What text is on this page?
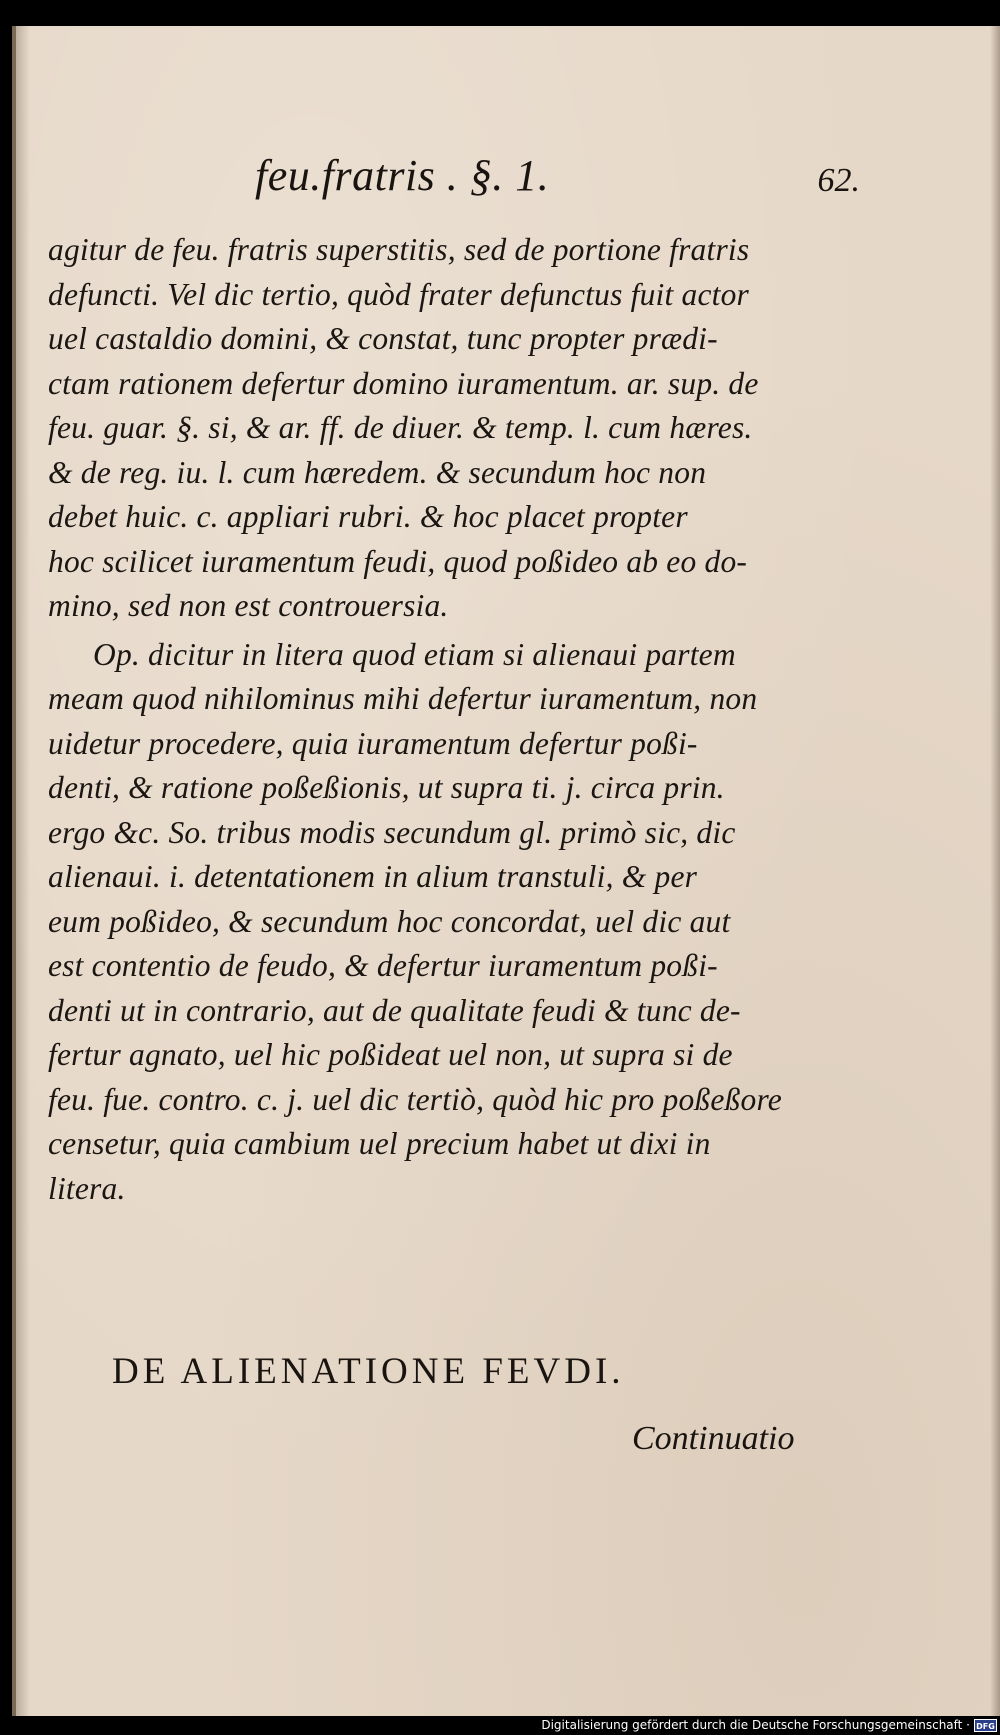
feu.fratris . §. 1.	62.
agitur de feu. fratris superstitis, sed de portione fratris
defuncti. Vel dic tertio, quòd frater defunctus fuit actor
uel castaldio domini, & constat, tunc propter prædi-
ctam rationem defertur domino iuramentum. ar. sup. de
feu. guar. §. si, & ar. ff. de diuer. & temp. l. cum hæres.
& de reg. iu. l. cum hæredem. & secundum hoc non
debet huic. c. appliari rubri. & hoc placet propter
hoc scilicet iuramentum feudi, quod poßideo ab eo do-
mino, sed non est controuersia.
Op. dicitur in litera quod etiam si alienaui partem
meam quod nihilominus mihi defertur iuramentum, non
uidetur procedere, quia iuramentum defertur poßi-
denti, & ratione poßeßionis, ut supra ti. j. circa prin.
ergo &c. So. tribus modis secundum gl. primò sic, dic
alienaui. i. detentationem in alium transtuli, & per
eum poßideo, & secundum hoc concordat, uel dic aut
est contentio de feudo, & defertur iuramentum poßi-
denti ut in contrario, aut de qualitate feudi & tunc de-
fertur agnato, uel hic poßideat uel non, ut supra si de
feu. fue. contro. c. j. uel dic tertiò, quòd hic pro poßeßore
censetur, quia cambium uel precium habet ut dixi in
litera.
DE ALIENATIONE FEVDI.
Continuatio
Digitalisierung gefördert durch die Deutsche Forschungsgemeinschaft · DFG
